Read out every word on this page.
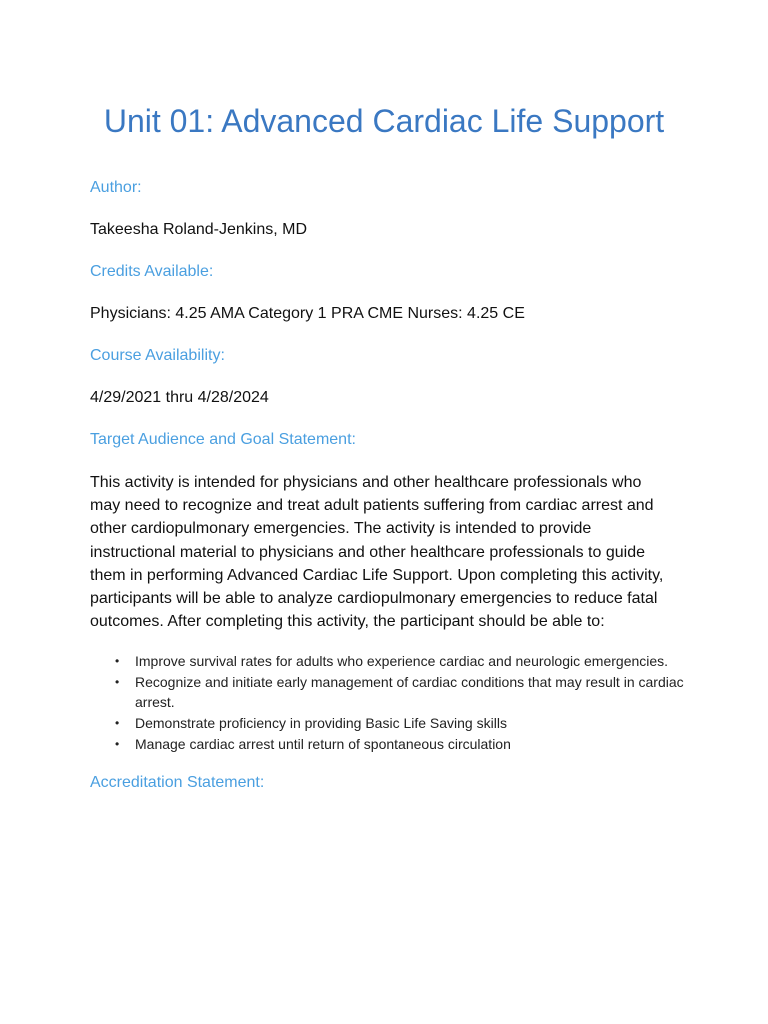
Unit 01: Advanced Cardiac Life Support

Author:

Takeesha Roland-Jenkins, MD

Credits Available:

Physicians: 4.25 AMA Category 1 PRA CME Nurses: 4.25 CE

Course Availability:

4/29/2021 thru 4/28/2024

Target Audience and Goal Statement:

This activity is intended for physicians and other healthcare professionals who may need to recognize and treat adult patients suffering from cardiac arrest and other cardiopulmonary emergencies. The activity is intended to provide instructional material to physicians and other healthcare professionals to guide them in performing Advanced Cardiac Life Support. Upon completing this activity, participants will be able to analyze cardiopulmonary emergencies to reduce fatal outcomes. After completing this activity, the participant should be able to:

• Improve survival rates for adults who experience cardiac and neurologic emergencies.
• Recognize and initiate early management of cardiac conditions that may result in cardiac arrest.
• Demonstrate proficiency in providing Basic Life Saving skills
• Manage cardiac arrest until return of spontaneous circulation

Accreditation Statement:
